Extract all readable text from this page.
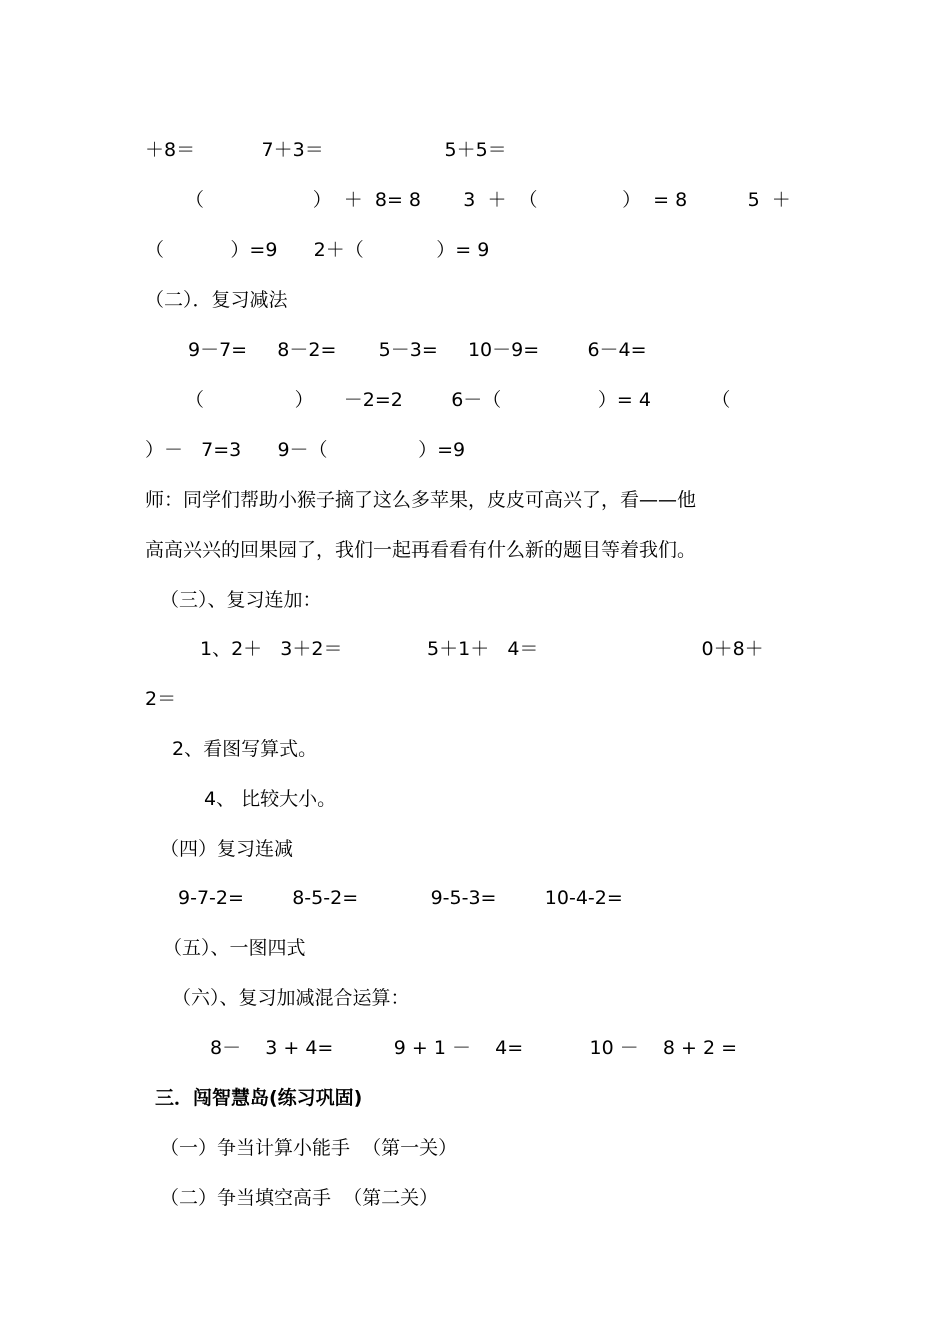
＋8＝           7＋3＝                    5＋5＝
（                  ）  ＋  8= 8       3  ＋  （              ）  = 8          5  ＋
（           ）=9      2＋（            ）= 9
（二）．复习减法
9－7=     8－2=       5－3=     10－9=        6－4=
（               ）     －2=2        6－（                ）= 4          （
）－   7=3      9－（               ）=9
师：同学们帮助小猴子摘了这么多苹果，皮皮可高兴了，看——他
高高兴兴的回果园了，我们一起再看看有什么新的题目等着我们。
（三）、复习连加：
1、2＋   3＋2＝              5＋1＋   4＝                           0＋8＋
2＝
2、看图写算式。
4、 比较大小。
（四）复习连减
9-7-2=        8-5-2=            9-5-3=        10-4-2=
（五）、一图四式
（六）、复习加减混合运算：
8－    3 + 4=          9 + 1 －    4=           10 －    8 + 2 =
三．闯智慧岛(练习巩固)
（一）争当计算小能手  （第一关）
（二）争当填空高手  （第二关）
